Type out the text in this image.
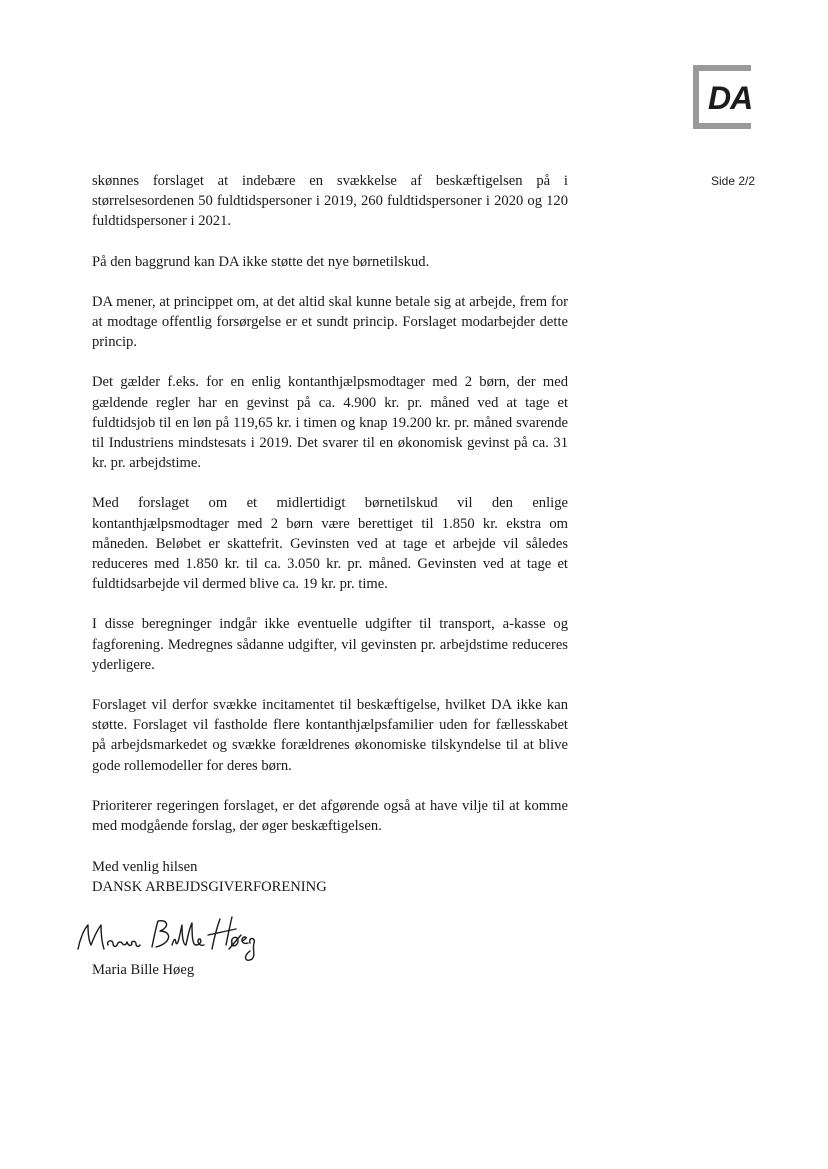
DA
Side 2/2

skønnes forslaget at indebære en svækkelse af beskæftigelsen på i størrelsesordenen 50 fuldtidspersoner i 2019, 260 fuldtidspersoner i 2020 og 120 fuldtidspersoner i 2021.

På den baggrund kan DA ikke støtte det nye børnetilskud.

DA mener, at princippet om, at det altid skal kunne betale sig at arbejde, frem for at modtage offentlig forsørgelse er et sundt princip. Forslaget modarbejder dette princip.

Det gælder f.eks. for en enlig kontanthjælpsmodtager med 2 børn, der med gældende regler har en gevinst på ca. 4.900 kr. pr. måned ved at tage et fuldtidsjob til en løn på 119,65 kr. i timen og knap 19.200 kr. pr. måned svarende til Industriens mindstesats i 2019. Det svarer til en økonomisk gevinst på ca. 31 kr. pr. arbejdstime.

Med forslaget om et midlertidigt børnetilskud vil den enlige kontanthjælpsmodtager med 2 børn være berettiget til 1.850 kr. ekstra om måneden. Beløbet er skattefrit. Gevinsten ved at tage et arbejde vil således reduceres med 1.850 kr. til ca. 3.050 kr. pr. måned. Gevinsten ved at tage et fuldtidsarbejde vil dermed blive ca. 19 kr. pr. time.

I disse beregninger indgår ikke eventuelle udgifter til transport, a-kasse og fagforening. Medregnes sådanne udgifter, vil gevinsten pr. arbejdstime reduceres yderligere.

Forslaget vil derfor svække incitamentet til beskæftigelse, hvilket DA ikke kan støtte. Forslaget vil fastholde flere kontanthjælpsfamilier uden for fællesskabet på arbejdsmarkedet og svække forældrenes økonomiske tilskyndelse til at blive gode rollemodeller for deres børn.

Prioriterer regeringen forslaget, er det afgørende også at have vilje til at komme med modgående forslag, der øger beskæftigelsen.

Med venlig hilsen
DANSK ARBEJDSGIVERFORENING
Maria Bille Høeg
